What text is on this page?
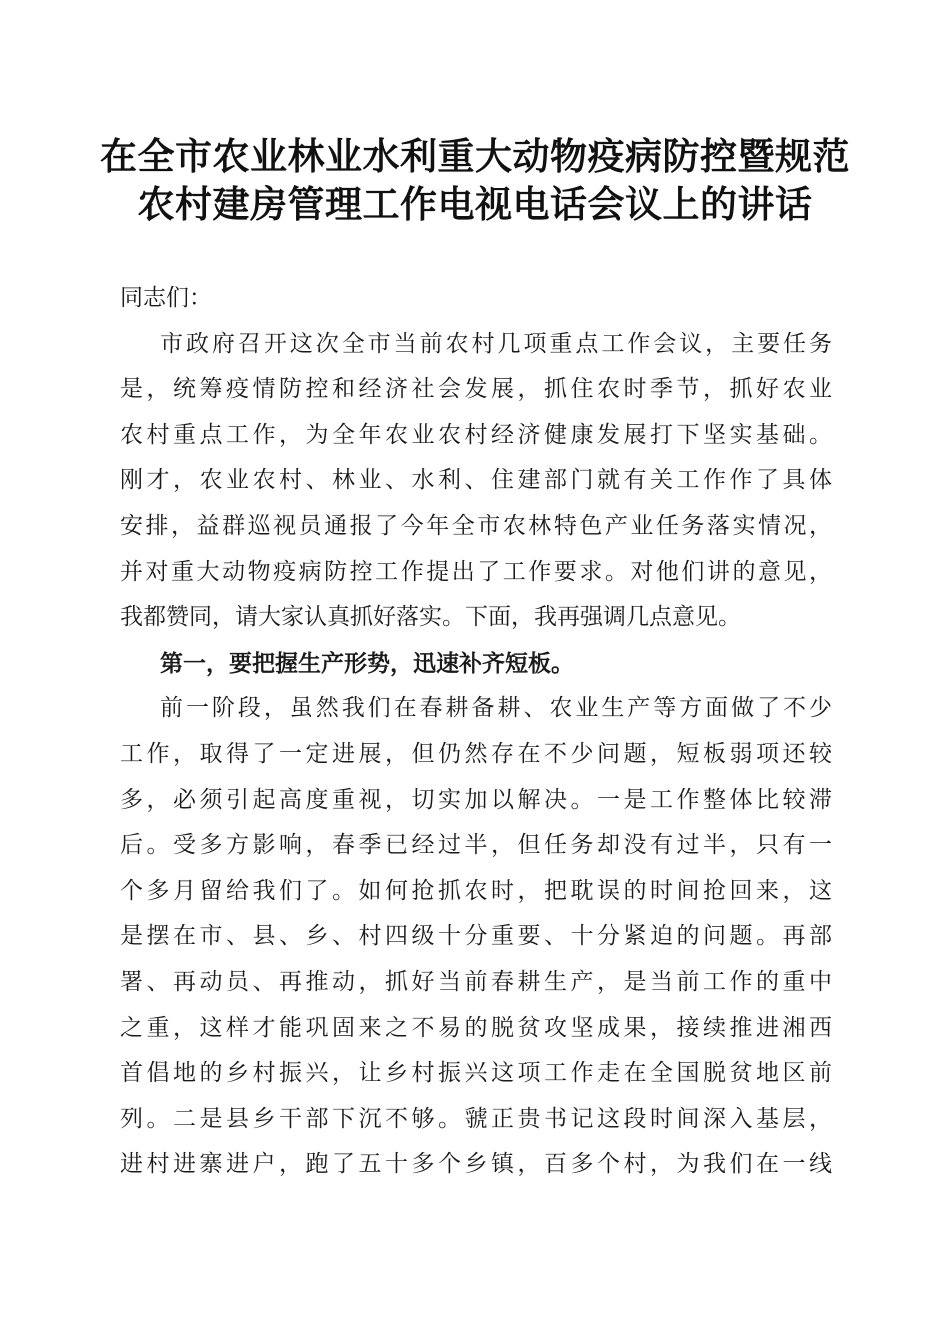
在全市农业林业水利重大动物疫病防控暨规范
农村建房管理工作电视电话会议上的讲话
同志们：
市政府召开这次全市当前农村几项重点工作会议，主要任务
是，统筹疫情防控和经济社会发展，抓住农时季节，抓好农业
农村重点工作，为全年农业农村经济健康发展打下坚实基础。
刚才，农业农村、林业、水利、住建部门就有关工作作了具体
安排，益群巡视员通报了今年全市农林特色产业任务落实情况，
并对重大动物疫病防控工作提出了工作要求。对他们讲的意见，
我都赞同，请大家认真抓好落实。下面，我再强调几点意见。
第一，要把握生产形势，迅速补齐短板。
前一阶段，虽然我们在春耕备耕、农业生产等方面做了不少
工作，取得了一定进展，但仍然存在不少问题，短板弱项还较
多，必须引起高度重视，切实加以解决。一是工作整体比较滞
后。受多方影响，春季已经过半，但任务却没有过半，只有一
个多月留给我们了。如何抢抓农时，把耽误的时间抢回来，这
是摆在市、县、乡、村四级十分重要、十分紧迫的问题。再部
署、再动员、再推动，抓好当前春耕生产，是当前工作的重中
之重，这样才能巩固来之不易的脱贫攻坚成果，接续推进湘西
首倡地的乡村振兴，让乡村振兴这项工作走在全国脱贫地区前
列。二是县乡干部下沉不够。虢正贵书记这段时间深入基层，
进村进寨进户，跑了五十多个乡镇，百多个村，为我们在一线
